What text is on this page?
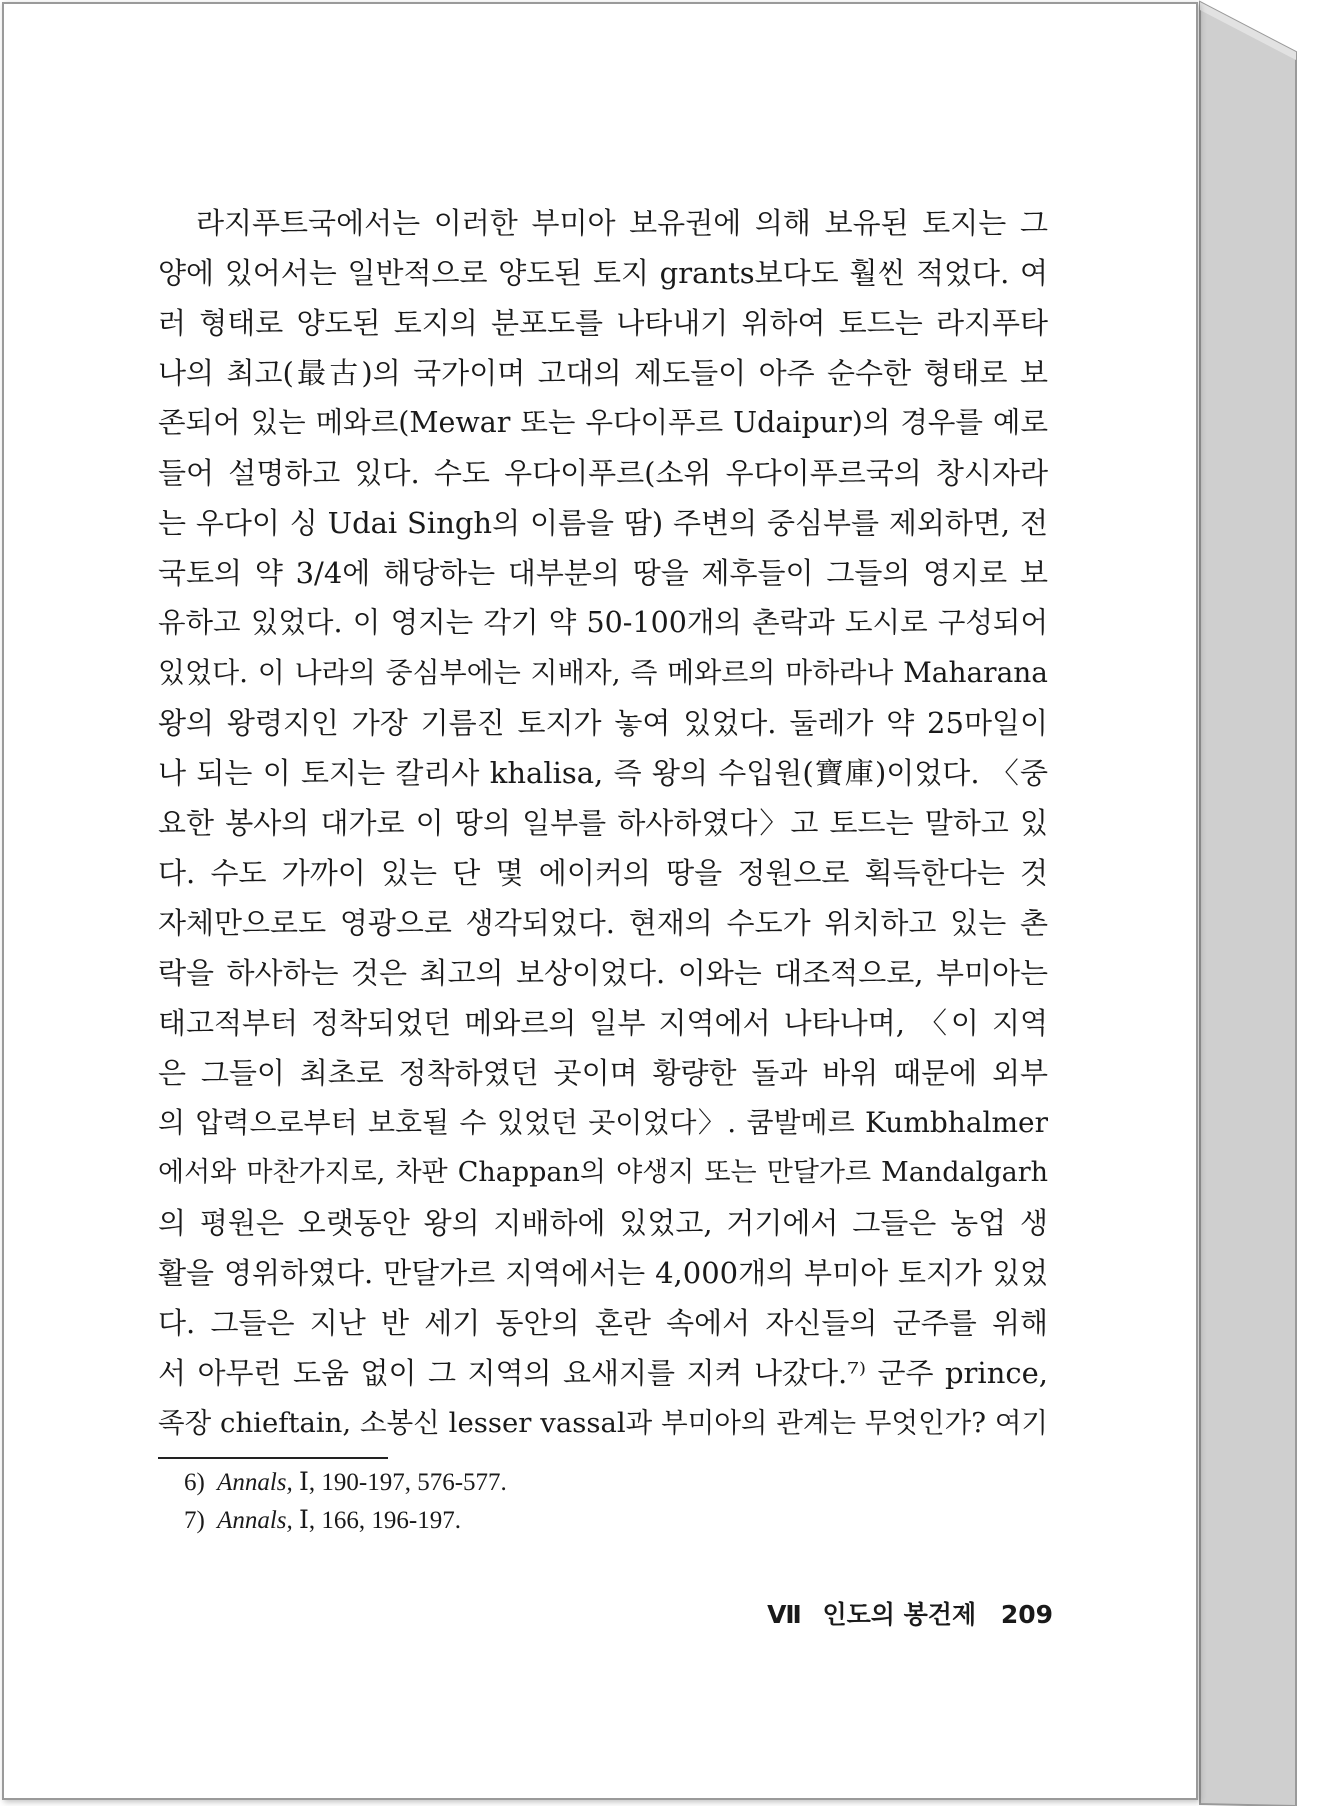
라지푸트국에서는 이러한 부미아 보유권에 의해 보유된 토지는 그
양에 있어서는 일반적으로 양도된 토지 grants보다도 훨씬 적었다. 여
러 형태로 양도된 토지의 분포도를 나타내기 위하여 토드는 라지푸타
나의 최고(最古)의 국가이며 고대의 제도들이 아주 순수한 형태로 보
존되어 있는 메와르(Mewar 또는 우다이푸르 Udaipur)의 경우를 예로
들어 설명하고 있다. 수도 우다이푸르(소위 우다이푸르국의 창시자라
는 우다이 싱 Udai Singh의 이름을 땀) 주변의 중심부를 제외하면, 전
국토의 약 3/4에 해당하는 대부분의 땅을 제후들이 그들의 영지로 보
유하고 있었다. 이 영지는 각기 약 50-100개의 촌락과 도시로 구성되어
있었다. 이 나라의 중심부에는 지배자, 즉 메와르의 마하라나 Maharana
왕의 왕령지인 가장 기름진 토지가 놓여 있었다. 둘레가 약 25마일이
나 되는 이 토지는 칼리사 khalisa, 즉 왕의 수입원(寶庫)이었다. 〈중
요한 봉사의 대가로 이 땅의 일부를 하사하였다〉고 토드는 말하고 있
다. 수도 가까이 있는 단 몇 에이커의 땅을 정원으로 획득한다는 것
자체만으로도 영광으로 생각되었다. 현재의 수도가 위치하고 있는 촌
락을 하사하는 것은 최고의 보상이었다. 이와는 대조적으로, 부미아는
태고적부터 정착되었던 메와르의 일부 지역에서 나타나며, 〈이 지역
은 그들이 최초로 정착하였던 곳이며 황량한 돌과 바위 때문에 외부
의 압력으로부터 보호될 수 있었던 곳이었다〉. 쿰발메르 Kumbhalmer
에서와 마찬가지로, 차판 Chappan의 야생지 또는 만달가르 Mandalgarh
의 평원은 오랫동안 왕의 지배하에 있었고, 거기에서 그들은 농업 생
활을 영위하였다. 만달가르 지역에서는 4,000개의 부미아 토지가 있었
다. 그들은 지난 반 세기 동안의 혼란 속에서 자신들의 군주를 위해
서 아무런 도움 없이 그 지역의 요새지를 지켜 나갔다.⁷⁾ 군주 prince,
족장 chieftain, 소봉신 lesser vassal과 부미아의 관계는 무엇인가? 여기
6) Annals, Ⅰ, 190-197, 576-577.
7) Annals, Ⅰ, 166, 196-197.
Ⅶ 인도의 봉건제 209
